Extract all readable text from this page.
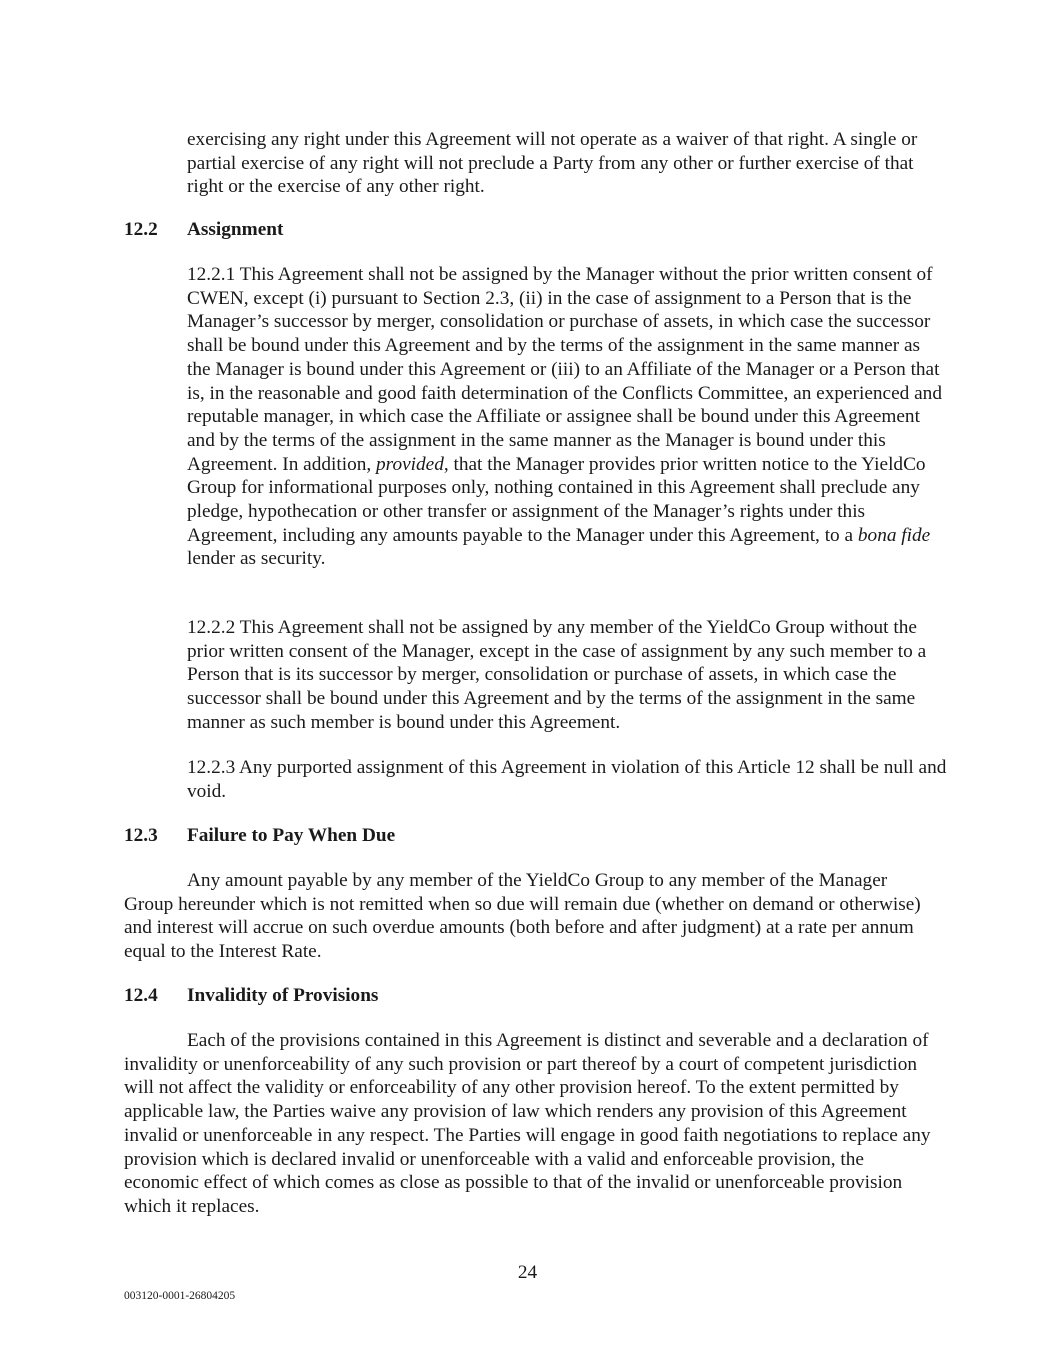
exercising any right under this Agreement will not operate as a waiver of that right. A single or partial exercise of any right will not preclude a Party from any other or further exercise of that right or the exercise of any other right.

12.2 Assignment

12.2.1 This Agreement shall not be assigned by the Manager without the prior written consent of CWEN, except (i) pursuant to Section 2.3, (ii) in the case of assignment to a Person that is the Manager’s successor by merger, consolidation or purchase of assets, in which case the successor shall be bound under this Agreement and by the terms of the assignment in the same manner as the Manager is bound under this Agreement or (iii) to an Affiliate of the Manager or a Person that is, in the reasonable and good faith determination of the Conflicts Committee, an experienced and reputable manager, in which case the Affiliate or assignee shall be bound under this Agreement and by the terms of the assignment in the same manner as the Manager is bound under this Agreement. In addition, provided, that the Manager provides prior written notice to the YieldCo Group for informational purposes only, nothing contained in this Agreement shall preclude any pledge, hypothecation or other transfer or assignment of the Manager’s rights under this Agreement, including any amounts payable to the Manager under this Agreement, to a bona fide lender as security.

12.2.2 This Agreement shall not be assigned by any member of the YieldCo Group without the prior written consent of the Manager, except in the case of assignment by any such member to a Person that is its successor by merger, consolidation or purchase of assets, in which case the successor shall be bound under this Agreement and by the terms of the assignment in the same manner as such member is bound under this Agreement.

12.2.3 Any purported assignment of this Agreement in violation of this Article 12 shall be null and void.

12.3 Failure to Pay When Due

Any amount payable by any member of the YieldCo Group to any member of the Manager Group hereunder which is not remitted when so due will remain due (whether on demand or otherwise) and interest will accrue on such overdue amounts (both before and after judgment) at a rate per annum equal to the Interest Rate.

12.4 Invalidity of Provisions

Each of the provisions contained in this Agreement is distinct and severable and a declaration of invalidity or unenforceability of any such provision or part thereof by a court of competent jurisdiction will not affect the validity or enforceability of any other provision hereof. To the extent permitted by applicable law, the Parties waive any provision of law which renders any provision of this Agreement invalid or unenforceable in any respect. The Parties will engage in good faith negotiations to replace any provision which is declared invalid or unenforceable with a valid and enforceable provision, the economic effect of which comes as close as possible to that of the invalid or unenforceable provision which it replaces.

24
003120-0001-26804205
